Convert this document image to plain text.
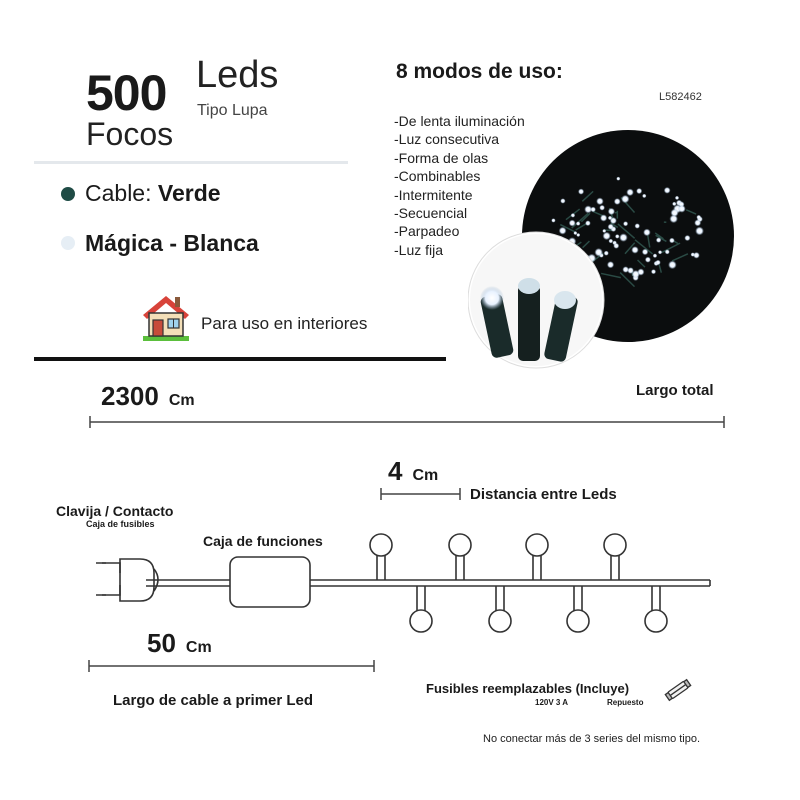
500 Leds
Tipo Lupa
Focos
Cable: Verde
Mágica - Blanca
Para uso en interiores
8 modos de uso:
L582462
-De lenta iluminación
-Luz consecutiva
-Forma de olas
-Combinables
-Intermitente
-Secuencial
-Parpadeo
-Luz fija
2300 Cm
Largo total
4 Cm
Distancia entre Leds
Clavija / Contacto
Caja de fusibles
Caja de funciones
50 Cm
Largo de cable a primer Led
Fusibles reemplazables (Incluye)
120V 3 A	Repuesto
No conectar más de 3 series del mismo tipo.
